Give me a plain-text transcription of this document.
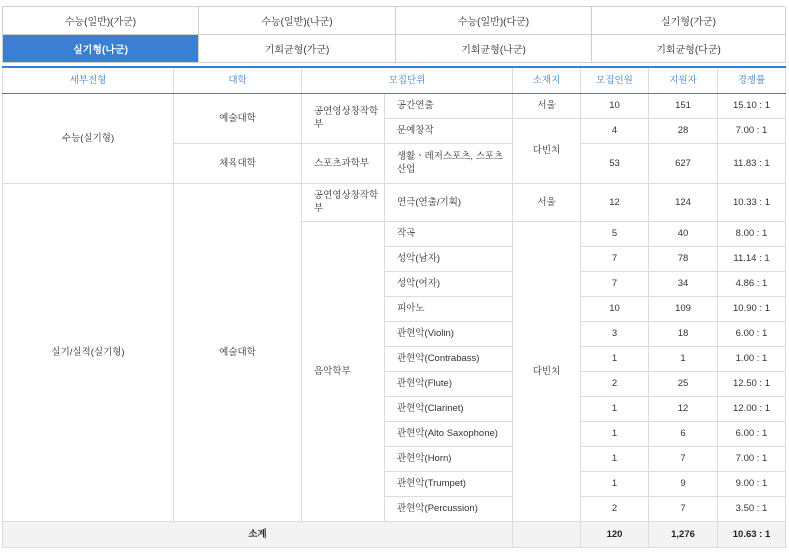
수능(일반)(가군)	수능(일반)(나군)	수능(일반)(다군)	실기형(가군)
실기형(나군)	기회균형(가군)	기회균형(나군)	기회균형(다군)
세부전형	대학	모집단위		소재지	모집인원	지원자	경쟁률
수능(실기형)	예술대학	공연영상창작학부	공간연출	서울	10	151	15.10 : 1
			문예창작	다빈치	4	28	7.00 : 1
	체육대학	스포츠과학부	생활ㆍ레저스포츠, 스포츠산업		53	627	11.83 : 1
실기/실적(실기형)	예술대학	공연영상창작학부	연극(연출/기획)	서울	12	124	10.33 : 1
		음악학부	작곡	다빈치	5	40	8.00 : 1
			성악(남자)		7	78	11.14 : 1
			성악(여자)		7	34	4.86 : 1
			피아노		10	109	10.90 : 1
			관현악(Violin)		3	18	6.00 : 1
			관현악(Contrabass)		1	1	1.00 : 1
			관현악(Flute)		2	25	12.50 : 1
			관현악(Clarinet)		1	12	12.00 : 1
			관현악(Alto Saxophone)		1	6	6.00 : 1
			관현악(Horn)		1	7	7.00 : 1
			관현악(Trumpet)		1	9	9.00 : 1
			관현악(Percussion)		2	7	3.50 : 1
소계					120	1,276	10.63 : 1
